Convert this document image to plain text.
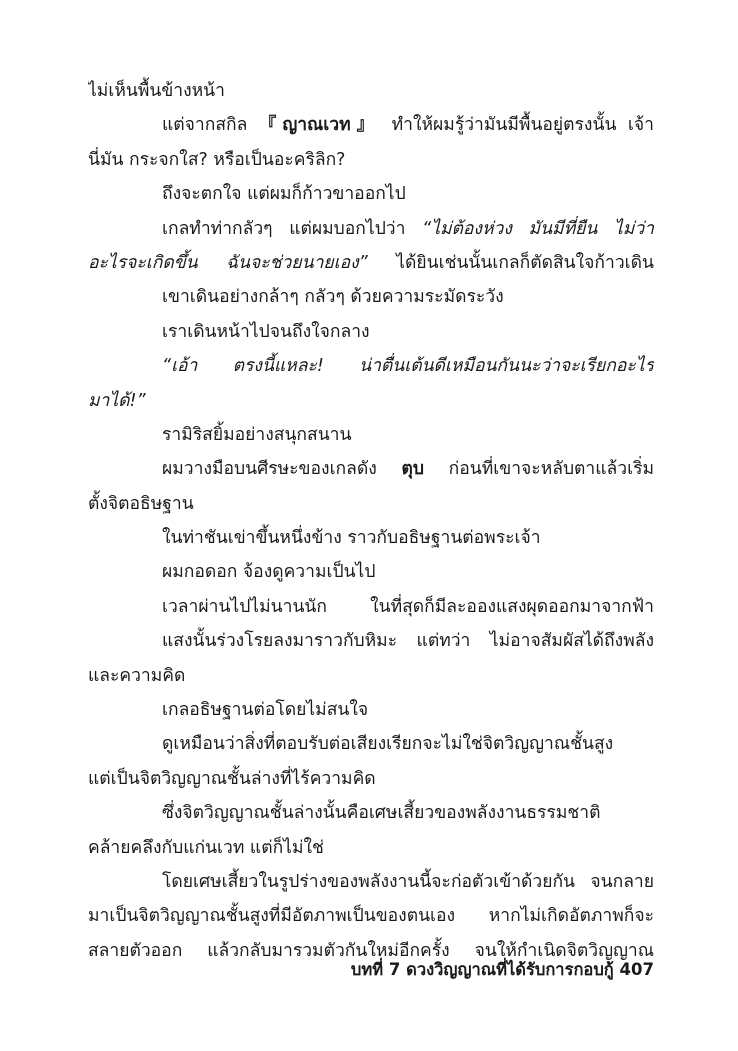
ไม่เห็นพื้นข้างหน้า
แต่จากสกิล 『ญาณเวท』 ทำให้ผมรู้ว่ามันมีพื้นอยู่ตรงนั้น เจ้า
นี่มัน กระจกใส? หรือเป็นอะคริลิก?
ถึงจะตกใจ แต่ผมก็ก้าวขาออกไป
เกลทำท่ากลัวๆ แต่ผมบอกไปว่า “ไม่ต้องห่วง มันมีที่ยืน ไม่ว่า
อะไรจะเกิดขึ้น ฉันจะช่วยนายเอง” ได้ยินเช่นนั้นเกลก็ตัดสินใจก้าวเดิน
เขาเดินอย่างกล้าๆ กลัวๆ ด้วยความระมัดระวัง
เราเดินหน้าไปจนถึงใจกลาง
“เอ้า ตรงนี้แหละ! น่าตื่นเต้นดีเหมือนกันนะว่าจะเรียกอะไร
มาได้!”
รามิริสยิ้มอย่างสนุกสนาน
ผมวางมือบนศีรษะของเกลดัง ตุบ ก่อนที่เขาจะหลับตาแล้วเริ่ม
ตั้งจิตอธิษฐาน
ในท่าชันเข่าขึ้นหนึ่งข้าง ราวกับอธิษฐานต่อพระเจ้า
ผมกอดอก จ้องดูความเป็นไป
เวลาผ่านไปไม่นานนัก ในที่สุดก็มีละอองแสงผุดออกมาจากฟ้า
แสงนั้นร่วงโรยลงมาราวกับหิมะ แต่ทว่า ไม่อาจสัมผัสได้ถึงพลัง
และความคิด
เกลอธิษฐานต่อโดยไม่สนใจ
ดูเหมือนว่าสิ่งที่ตอบรับต่อเสียงเรียกจะไม่ใช่จิตวิญญาณชั้นสูง
แต่เป็นจิตวิญญาณชั้นล่างที่ไร้ความคิด
ซึ่งจิตวิญญาณชั้นล่างนั้นคือเศษเสี้ยวของพลังงานธรรมชาติ
คล้ายคลึงกับแก่นเวท แต่ก็ไม่ใช่
โดยเศษเสี้ยวในรูปร่างของพลังงานนี้จะก่อตัวเข้าด้วยกัน จนกลาย
มาเป็นจิตวิญญาณชั้นสูงที่มีอัตภาพเป็นของตนเอง หากไม่เกิดอัตภาพก็จะ
สลายตัวออก แล้วกลับมารวมตัวกันใหม่อีกครั้ง จนให้กำเนิดจิตวิญญาณ
บทที่ 7 ดวงวิญญาณที่ได้รับการกอบกู้ 407
